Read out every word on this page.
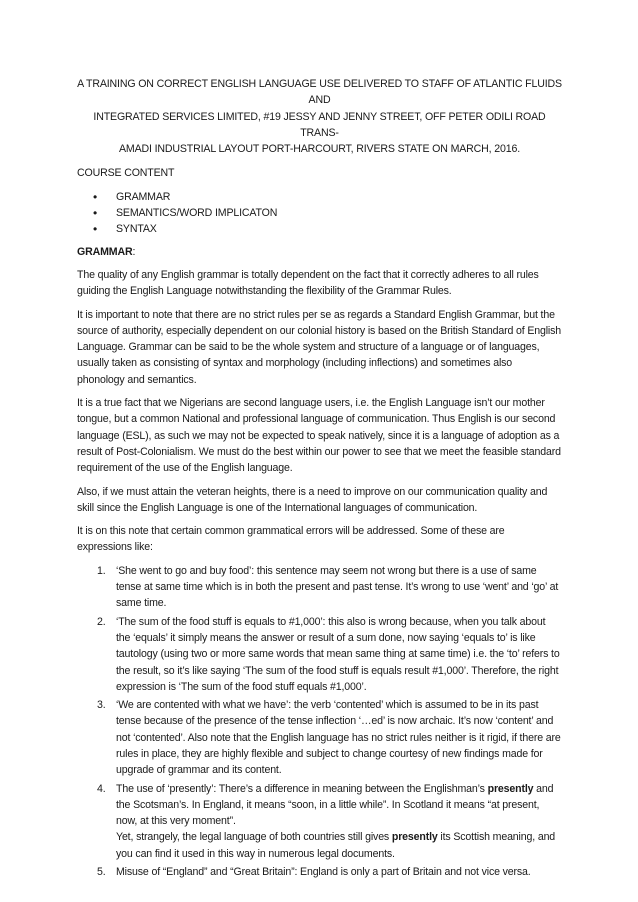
A TRAINING ON CORRECT ENGLISH LANGUAGE USE DELIVERED TO STAFF OF ATLANTIC FLUIDS AND
INTEGRATED SERVICES LIMITED, #19 JESSY AND JENNY STREET, OFF PETER ODILI ROAD TRANS-
AMADI INDUSTRIAL LAYOUT PORT-HARCOURT, RIVERS STATE ON MARCH, 2016.

COURSE CONTENT

• GRAMMAR
• SEMANTICS/WORD IMPLICATON
• SYNTAX

GRAMMAR:

The quality of any English grammar is totally dependent on the fact that it correctly adheres to all rules guiding the English Language notwithstanding the flexibility of the Grammar Rules.

It is important to note that there are no strict rules per se as regards a Standard English Grammar, but the source of authority, especially dependent on our colonial history is based on the British Standard of English Language. Grammar can be said to be the whole system and structure of a language or of languages, usually taken as consisting of syntax and morphology (including inflections) and sometimes also phonology and semantics.

It is a true fact that we Nigerians are second language users, i.e. the English Language isn’t our mother tongue, but a common National and professional language of communication. Thus English is our second language (ESL), as such we may not be expected to speak natively, since it is a language of adoption as a result of Post-Colonialism. We must do the best within our power to see that we meet the feasible standard requirement of the use of the English language.

Also, if we must attain the veteran heights, there is a need to improve on our communication quality and skill since the English Language is one of the International languages of communication.

It is on this note that certain common grammatical errors will be addressed. Some of these are expressions like:

1. ‘She went to go and buy food’: this sentence may seem not wrong but there is a use of same tense at same time which is in both the present and past tense. It’s wrong to use ‘went’ and ‘go’ at same time.
2. ‘The sum of the food stuff is equals to #1,000’: this also is wrong because, when you talk about the ‘equals’ it simply means the answer or result of a sum done, now saying ‘equals to’ is like tautology (using two or more same words that mean same thing at same time) i.e. the ‘to’ refers to the result, so it’s like saying ‘The sum of the food stuff is equals result #1,000’. Therefore, the right expression is ‘The sum of the food stuff equals #1,000’.
3. ‘We are contented with what we have’: the verb ‘contented’ which is assumed to be in its past tense because of the presence of the tense inflection ‘…ed’ is now archaic. It’s now ‘content’ and not ‘contented’. Also note that the English language has no strict rules neither is it rigid, if there are rules in place, they are highly flexible and subject to change courtesy of new findings made for upgrade of grammar and its content.
4. The use of ‘presently’: There’s a difference in meaning between the Englishman’s presently and the Scotsman’s. In England, it means “soon, in a little while”. In Scotland it means “at present, now, at this very moment”.
Yet, strangely, the legal language of both countries still gives presently its Scottish meaning, and you can find it used in this way in numerous legal documents.
5. Misuse of “England” and “Great Britain”: England is only a part of Britain and not vice versa.
